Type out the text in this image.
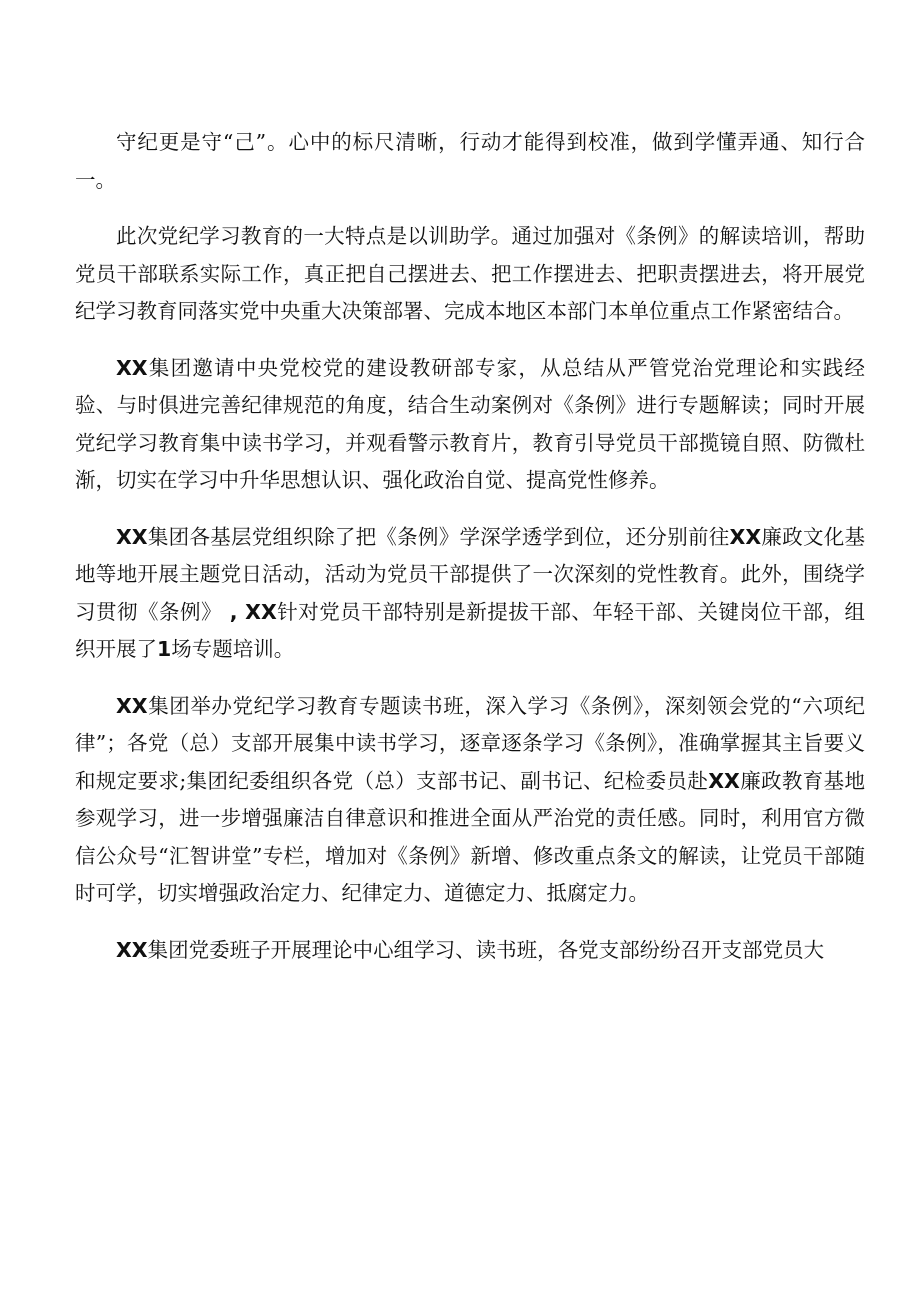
守纪更是守“己”。心中的标尺清晰，行动才能得到校准，做到学懂弄通、知行合一。

此次党纪学习教育的一大特点是以训助学。通过加强对《条例》的解读培训，帮助党员干部联系实际工作，真正把自己摆进去、把工作摆进去、把职责摆进去，将开展党纪学习教育同落实党中央重大决策部署、完成本地区本部门本单位重点工作紧密结合。

XX集团邀请中央党校党的建设教研部专家，从总结从严管党治党理论和实践经验、与时俱进完善纪律规范的角度，结合生动案例对《条例》进行专题解读；同时开展党纪学习教育集中读书学习，并观看警示教育片，教育引导党员干部揽镜自照、防微杜渐，切实在学习中升华思想认识、强化政治自觉、提高党性修养。

XX集团各基层党组织除了把《条例》学深学透学到位，还分别前往XX廉政文化基地等地开展主题党日活动，活动为党员干部提供了一次深刻的党性教育。此外，围绕学习贯彻《条例》 , XX针对党员干部特别是新提拔干部、年轻干部、关键岗位干部，组织开展了1场专题培训。

XX集团举办党纪学习教育专题读书班，深入学习《条例》，深刻领会党的“六项纪律”；各党（总）支部开展集中读书学习，逐章逐条学习《条例》，准确掌握其主旨要义和规定要求;集团纪委组织各党（总）支部书记、副书记、纪检委员赴XX廉政教育基地参观学习，进一步增强廉洁自律意识和推进全面从严治党的责任感。同时，利用官方微信公众号“汇智讲堂”专栏，增加对《条例》新增、修改重点条文的解读，让党员干部随时可学，切实增强政治定力、纪律定力、道德定力、抵腐定力。

XX集团党委班子开展理论中心组学习、读书班，各党支部纷纷召开支部党员大
